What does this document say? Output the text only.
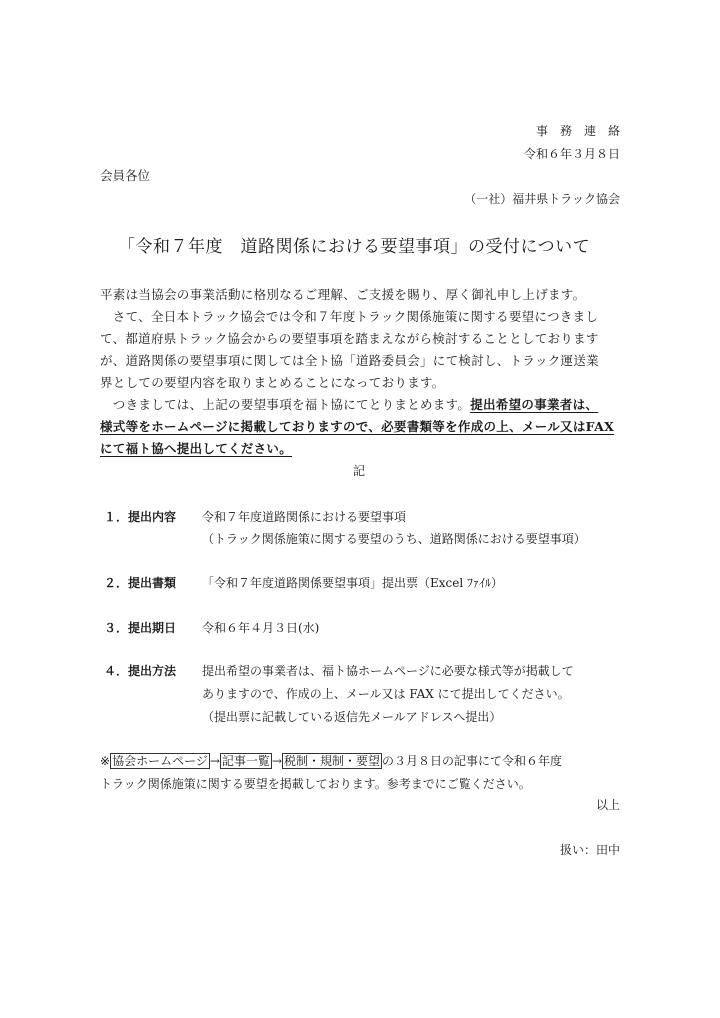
事　務　連　絡
令和６年３月８日
会員各位
（一社）福井県トラック協会
「令和７年度　道路関係における要望事項」の受付について
平素は当協会の事業活動に格別なるご理解、ご支援を賜り、厚く御礼申し上げます。
　さて、全日本トラック協会では令和７年度トラック関係施策に関する要望につきまし
て、都道府県トラック協会からの要望事項を踏まえながら検討することとしております
が、道路関係の要望事項に関しては全ト協「道路委員会」にて検討し、トラック運送業
界としての要望内容を取りまとめることになっております。
　つきましては、上記の要望事項を福ト協にてとりまとめます。提出希望の事業者は、
様式等をホームページに掲載しておりますので、必要書類等を作成の上、メール又はFAX
にて福ト協へ提出してください。
記
１．提出内容 令和７年度道路関係における要望事項
（トラック関係施策に関する要望のうち、道路関係における要望事項）
２．提出書類 「令和７年度道路関係要望事項」提出票（Excel ﾌｧｲﾙ）
３．提出期日 令和６年４月３日(水)
４．提出方法 提出希望の事業者は、福ト協ホームページに必要な様式等が掲載して
ありますので、作成の上、メール又は FAX にて提出してください。
（提出票に記載している返信先メールアドレスへ提出）
※ 協会ホームページ → 記事一覧 → 税制・規制・要望 の３月８日の記事にて令和６年度
トラック関係施策に関する要望を掲載しております。参考までにご覧ください。
以上
扱い：田中
